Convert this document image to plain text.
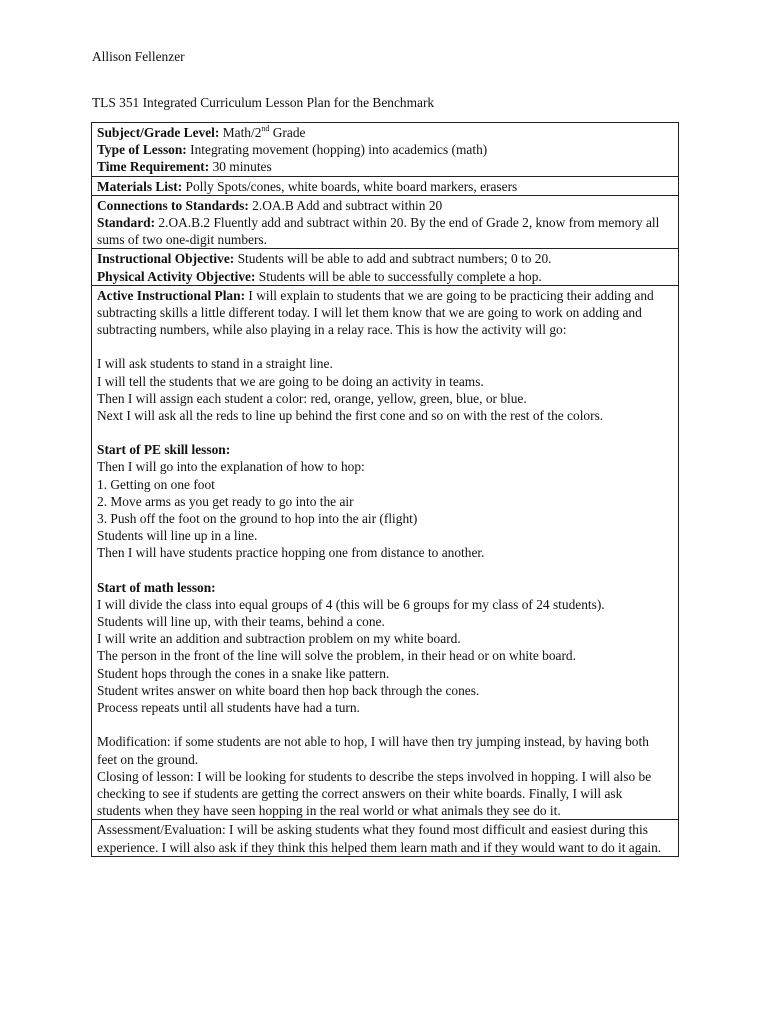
Allison Fellenzer
TLS 351 Integrated Curriculum Lesson Plan for the Benchmark
Subject/Grade Level: Math/2nd Grade
Type of Lesson: Integrating movement (hopping) into academics (math)
Time Requirement: 30 minutes
Materials List: Polly Spots/cones, white boards, white board markers, erasers
Connections to Standards: 2.OA.B Add and subtract within 20
Standard: 2.OA.B.2 Fluently add and subtract within 20. By the end of Grade 2, know from memory all sums of two one-digit numbers.
Instructional Objective: Students will be able to add and subtract numbers; 0 to 20.
Physical Activity Objective: Students will be able to successfully complete a hop.
Active Instructional Plan: I will explain to students that we are going to be practicing their adding and subtracting skills a little different today. I will let them know that we are going to work on adding and subtracting numbers, while also playing in a relay race. This is how the activity will go:
I will ask students to stand in a straight line.
I will tell the students that we are going to be doing an activity in teams.
Then I will assign each student a color: red, orange, yellow, green, blue, or blue.
Next I will ask all the reds to line up behind the first cone and so on with the rest of the colors.
Start of PE skill lesson:
Then I will go into the explanation of how to hop:
1. Getting on one foot
2. Move arms as you get ready to go into the air
3. Push off the foot on the ground to hop into the air (flight)
Students will line up in a line.
Then I will have students practice hopping one from distance to another.
Start of math lesson:
I will divide the class into equal groups of 4 (this will be 6 groups for my class of 24 students).
Students will line up, with their teams, behind a cone.
I will write an addition and subtraction problem on my white board.
The person in the front of the line will solve the problem, in their head or on white board.
Student hops through the cones in a snake like pattern.
Student writes answer on white board then hop back through the cones.
Process repeats until all students have had a turn.
Modification: if some students are not able to hop, I will have then try jumping instead, by having both feet on the ground.
Closing of lesson: I will be looking for students to describe the steps involved in hopping. I will also be checking to see if students are getting the correct answers on their white boards. Finally, I will ask students when they have seen hopping in the real world or what animals they see do it.
Assessment/Evaluation: I will be asking students what they found most difficult and easiest during this experience. I will also ask if they think this helped them learn math and if they would want to do it again.
